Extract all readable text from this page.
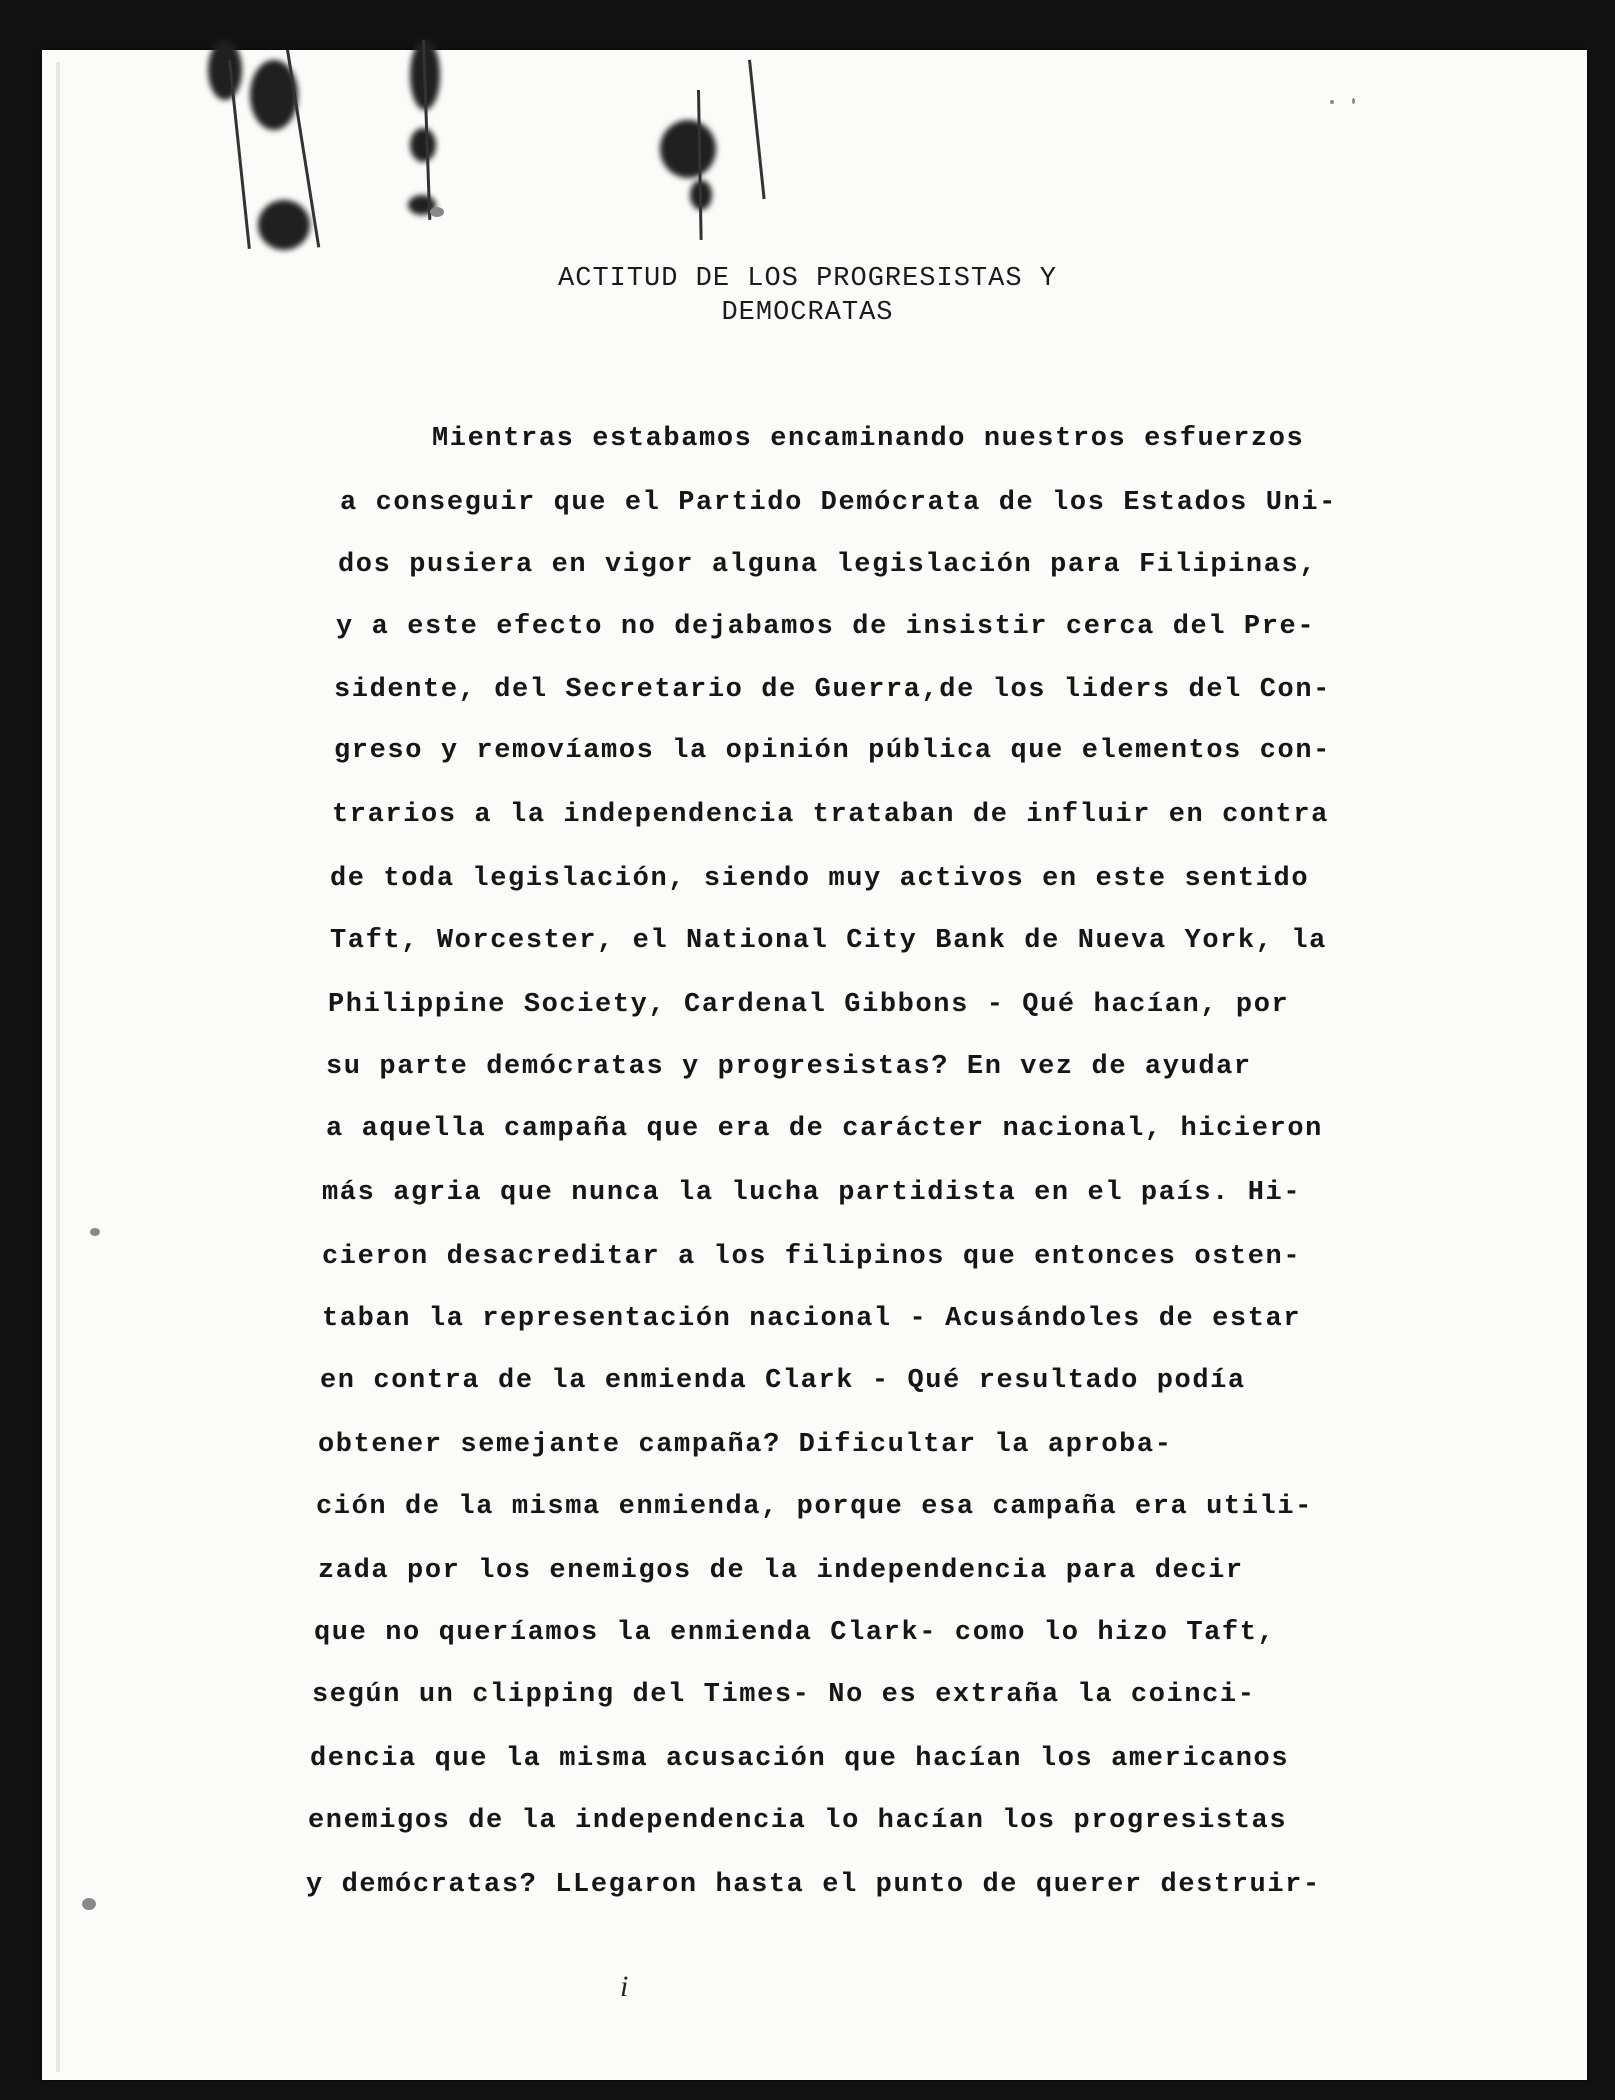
ACTITUD DE LOS PROGRESISTAS Y
DEMOCRATAS
Mientras estabamos encaminando nuestros esfuerzos
a conseguir que el Partido Demócrata de los Estados Uni-
dos pusiera en vigor alguna legislación para Filipinas,
y a este efecto no dejabamos de insistir cerca del Pre-
sidente, del Secretario de Guerra,de los liders del Con-
greso y removíamos la opinión pública que elementos con-
trarios a la independencia trataban de influir en contra
de toda legislación, siendo muy activos en este sentido
Taft, Worcester, el National City Bank de Nueva York, la
Philippine Society, Cardenal Gibbons - Qué hacían, por
su parte demócratas y progresistas? En vez de ayudar
a aquella campaña que era de carácter nacional, hicieron
más agria que nunca la lucha partidista en el país. Hi-
cieron desacreditar a los filipinos que entonces osten-
taban la representación nacional - Acusándoles de estar
en contra de la enmienda Clark - Qué resultado podía
obtener semejante campaña? Dificultar la aproba-
ción de la misma enmienda, porque esa campaña era utili-
zada por los enemigos de la independencia para decir
que no queríamos la enmienda Clark- como lo hizo Taft,
según un clipping del Times- No es extraña la coinci-
dencia que la misma acusación que hacían los americanos
enemigos de la independencia lo hacían los progresistas
y demócratas? LLegaron hasta el punto de querer destruir-
i
